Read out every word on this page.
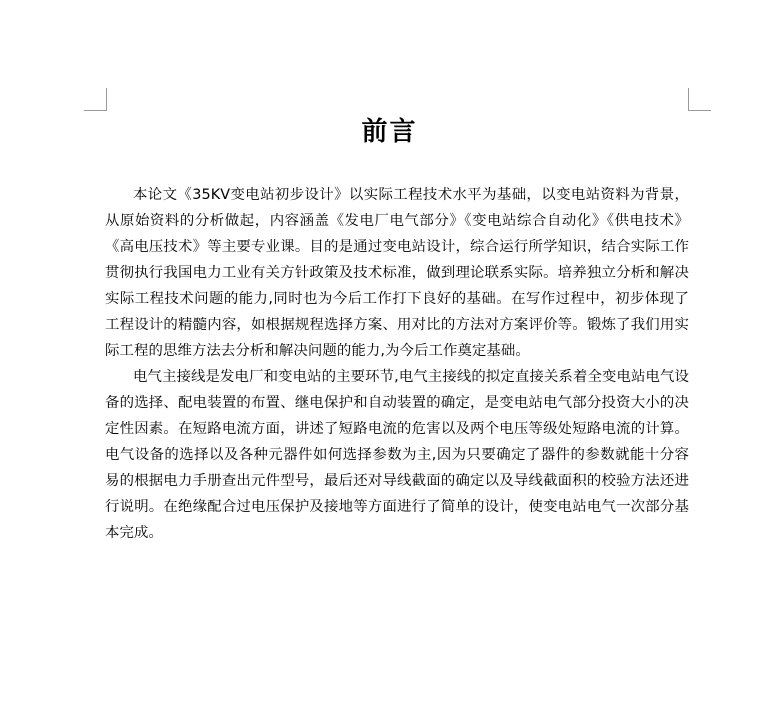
前言

本论文《35KV变电站初步设计》以实际工程技术水平为基础，以变电站资料为背景，从原始资料的分析做起，内容涵盖《发电厂电气部分》《变电站综合自动化》《供电技术》《高电压技术》等主要专业课。目的是通过变电站设计，综合运行所学知识，结合实际工作贯彻执行我国电力工业有关方针政策及技术标准，做到理论联系实际。培养独立分析和解决实际工程技术问题的能力,同时也为今后工作打下良好的基础。在写作过程中，初步体现了工程设计的精髓内容，如根据规程选择方案、用对比的方法对方案评价等。锻炼了我们用实际工程的思维方法去分析和解决问题的能力,为今后工作奠定基础。

电气主接线是发电厂和变电站的主要环节,电气主接线的拟定直接关系着全变电站电气设备的选择、配电装置的布置、继电保护和自动装置的确定，是变电站电气部分投资大小的决定性因素。在短路电流方面，讲述了短路电流的危害以及两个电压等级处短路电流的计算。电气设备的选择以及各种元器件如何选择参数为主,因为只要确定了器件的参数就能十分容易的根据电力手册查出元件型号，最后还对导线截面的确定以及导线截面积的校验方法还进行说明。在绝缘配合过电压保护及接地等方面进行了简单的设计，使变电站电气一次部分基本完成。
